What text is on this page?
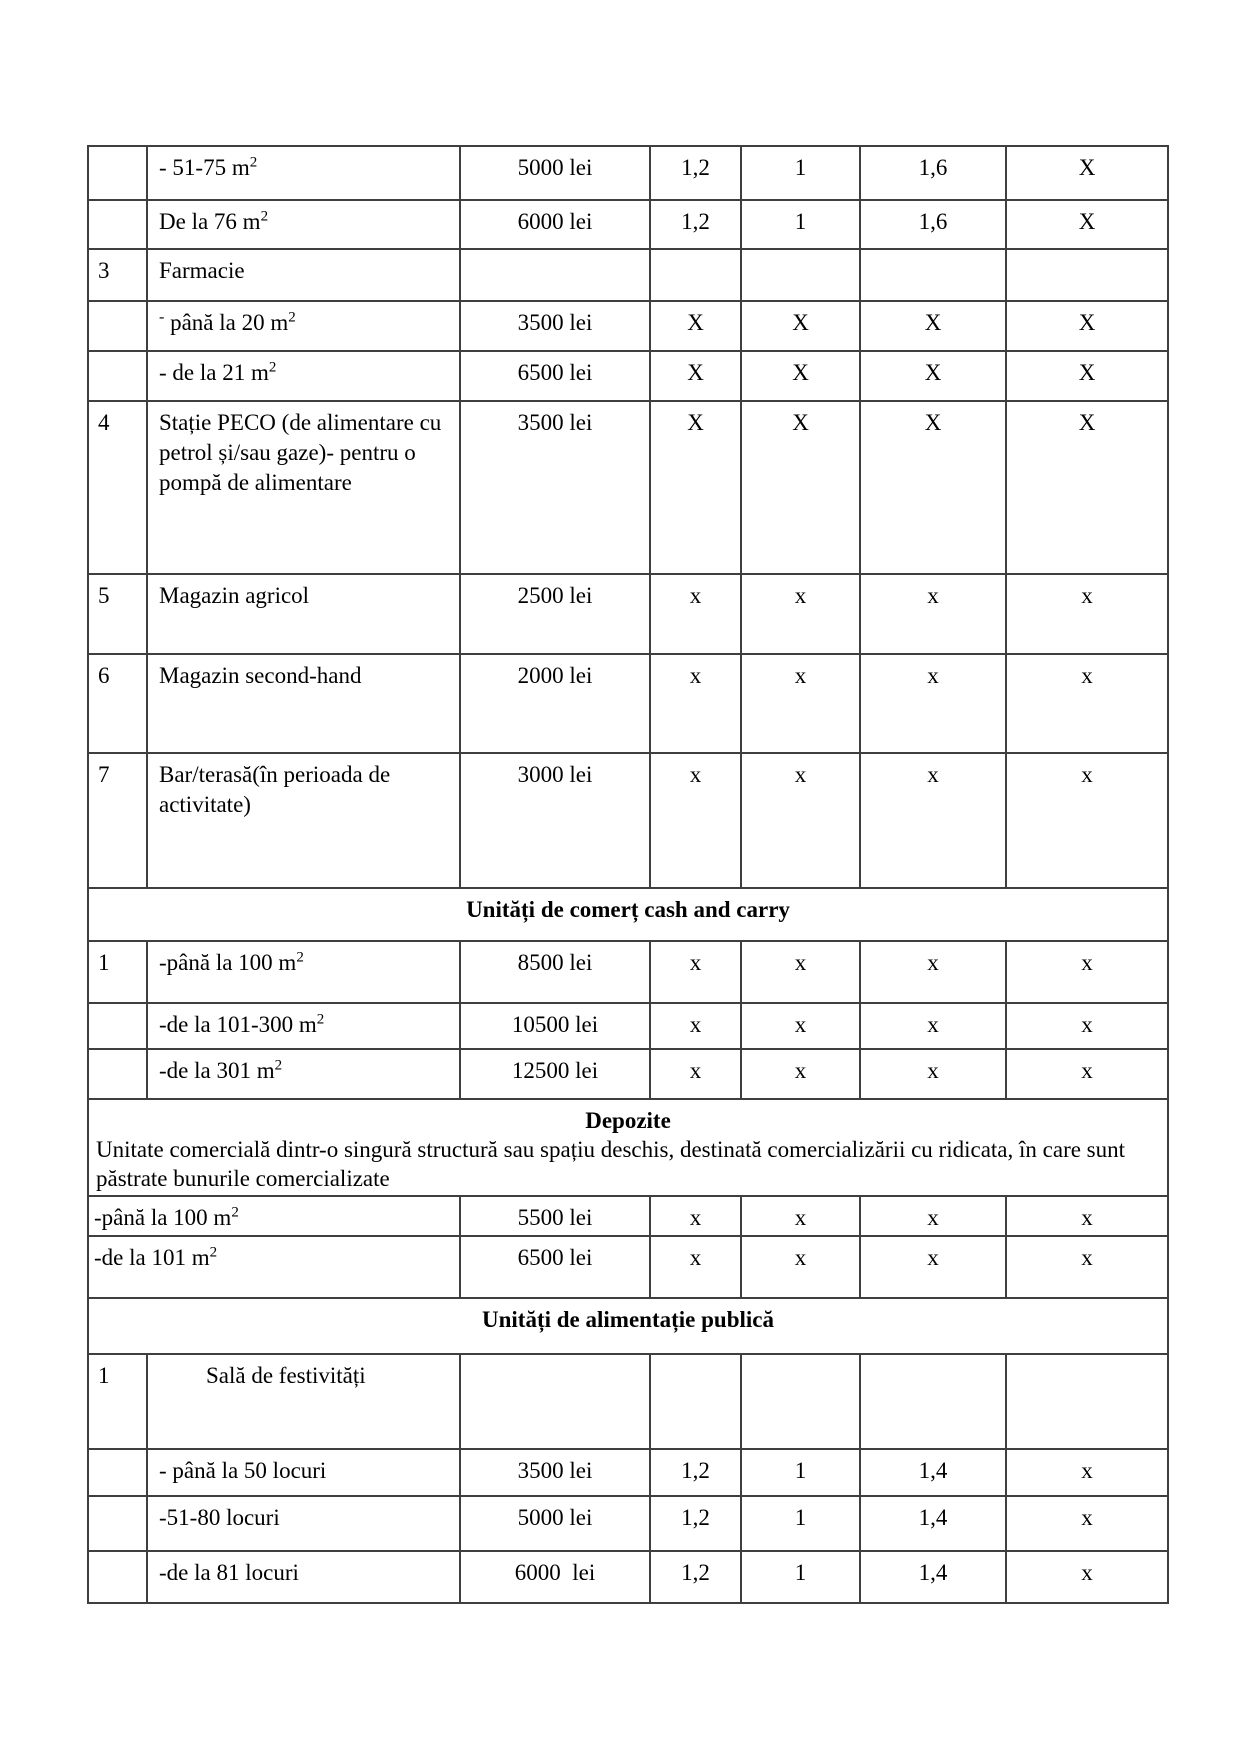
	- 51-75 $m^2$	5000 lei	1,2	1	1,6	X
	De la 76 $m^2$	6000 lei	1,2	1	1,6	X
3	Farmacie					
	- până la 20 $m^2$	3500 lei	X	X	X	X
	- de la 21 $m^2$	6500 lei	X	X	X	X
4	Stație PECO (de alimentare cu petrol și/sau gaze)- pentru o pompă de alimentare	3500 lei	X	X	X	X
5	Magazin agricol	2500 lei	x	x	x	x
6	Magazin second-hand	2000 lei	x	x	x	x
7	Bar/terasă(în perioada de activitate)	3000 lei	x	x	x	x

Unități de comerț cash and carry						

1	-până la 100 $m^2$	8500 lei	x	x	x	x
	-de la 101-300 $m^2$	10500 lei	x	x	x	x
	-de la 301 $m^2$	12500 lei	x	x	x	x

Depozite
Unitate comercială dintr-o singură structură sau spațiu deschis, destinată comercializării cu ridicata, în care sunt păstrate bunurile comercializate						

-până la 100 $m^2$		5500 lei	x	x	x	x
-de la 101 $m^2$		6500 lei	x	x	x	x

Unități de alimentație publică						

1	Sală de festivități					
	- până la 50 locuri	3500 lei	1,2	1	1,4	x
	-51-80 locuri	5000 lei	1,2	1	1,4	x
	-de la 81 locuri	6000  lei	1,2	1	1,4	x
